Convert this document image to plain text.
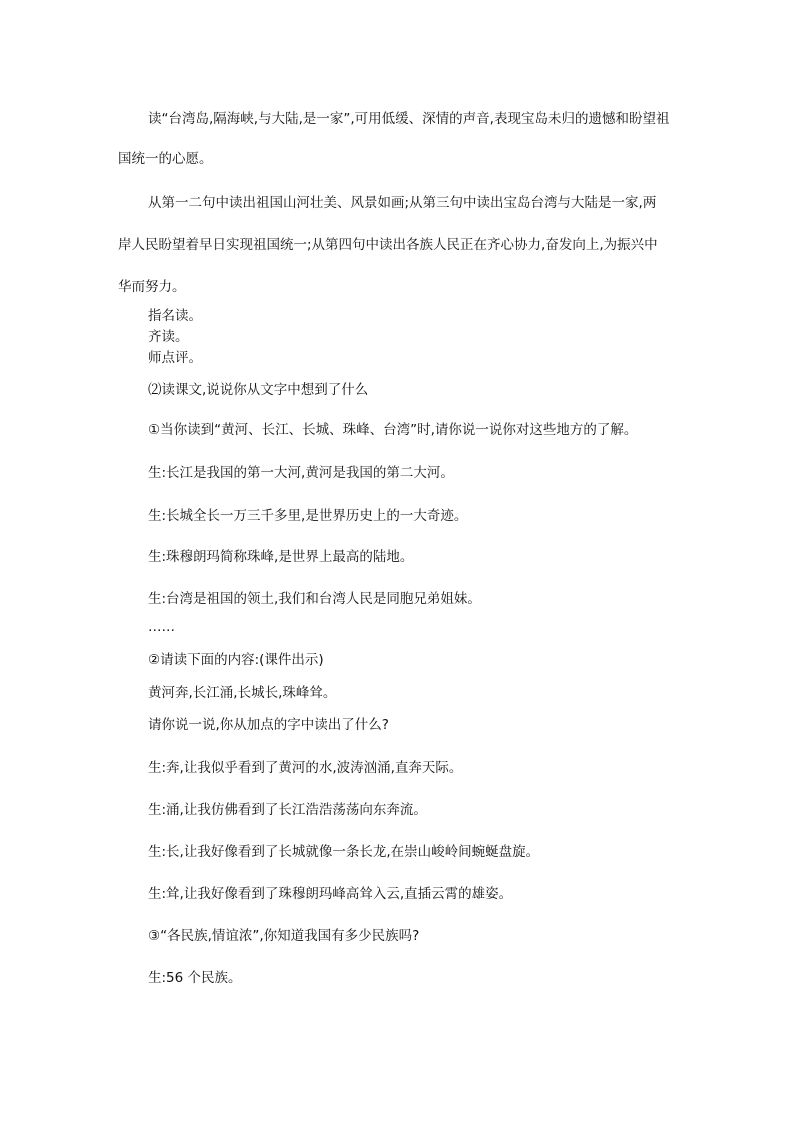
读“台湾岛,隔海峡,与大陆,是一家”,可用低缓、深情的声音,表现宝岛未归的遗憾和盼望祖
国统一的心愿。
从第一二句中读出祖国山河壮美、风景如画;从第三句中读出宝岛台湾与大陆是一家,两
岸人民盼望着早日实现祖国统一;从第四句中读出各族人民正在齐心协力,奋发向上,为振兴中
华而努力。
指名读。
齐读。
师点评。
⑵读课文,说说你从文字中想到了什么
①当你读到“黄河、长江、长城、珠峰、台湾”时,请你说一说你对这些地方的了解。
生:长江是我国的第一大河,黄河是我国的第二大河。
生:长城全长一万三千多里,是世界历史上的一大奇迹。
生:珠穆朗玛简称珠峰,是世界上最高的陆地。
生:台湾是祖国的领土,我们和台湾人民是同胞兄弟姐妹。
……
②请读下面的内容:(课件出示)
黄河奔,长江涌,长城长,珠峰耸。
请你说一说,你从加点的字中读出了什么?
生:奔,让我似乎看到了黄河的水,波涛汹涌,直奔天际。
生:涌,让我仿佛看到了长江浩浩荡荡向东奔流。
生:长,让我好像看到了长城就像一条长龙,在崇山峻岭间蜿蜒盘旋。
生:耸,让我好像看到了珠穆朗玛峰高耸入云,直插云霄的雄姿。
③“各民族,情谊浓”,你知道我国有多少民族吗?
生:56 个民族。
